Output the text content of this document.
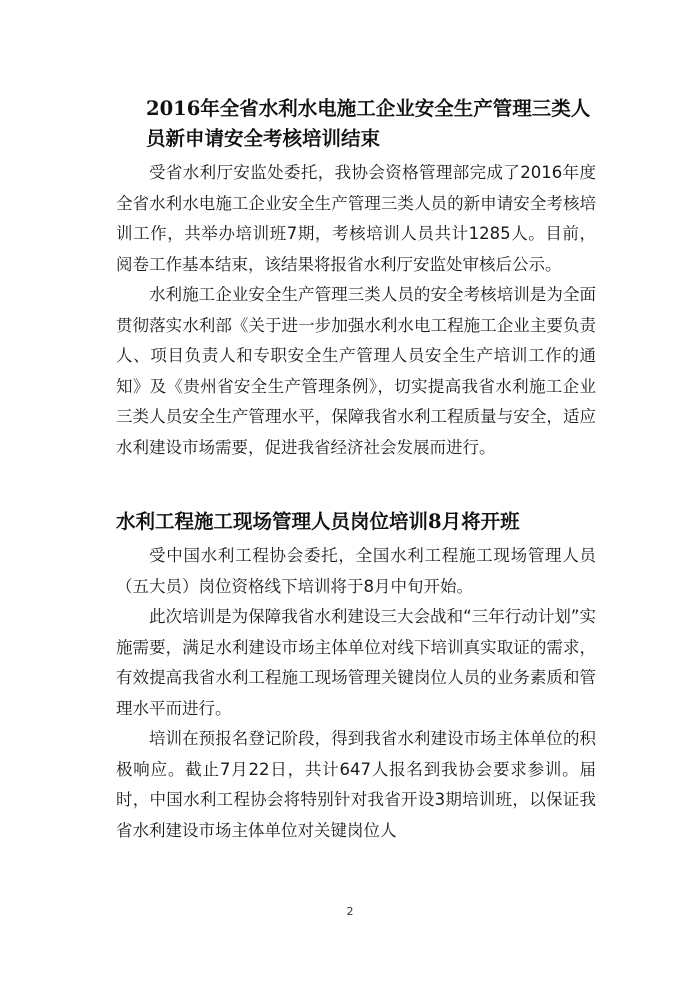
2016年全省水利水电施工企业安全生产管理三类人员新申请安全考核培训结束

受省水利厅安监处委托，我协会资格管理部完成了2016年度全省水利水电施工企业安全生产管理三类人员的新申请安全考核培训工作，共举办培训班7期，考核培训人员共计1285人。目前，阅卷工作基本结束，该结果将报省水利厅安监处审核后公示。

水利施工企业安全生产管理三类人员的安全考核培训是为全面贯彻落实水利部《关于进一步加强水利水电工程施工企业主要负责人、项目负责人和专职安全生产管理人员安全生产培训工作的通知》及《贵州省安全生产管理条例》，切实提高我省水利施工企业三类人员安全生产管理水平，保障我省水利工程质量与安全，适应水利建设市场需要，促进我省经济社会发展而进行。

水利工程施工现场管理人员岗位培训8月将开班

受中国水利工程协会委托，全国水利工程施工现场管理人员（五大员）岗位资格线下培训将于8月中旬开始。

此次培训是为保障我省水利建设三大会战和“三年行动计划”实施需要，满足水利建设市场主体单位对线下培训真实取证的需求，有效提高我省水利工程施工现场管理关键岗位人员的业务素质和管理水平而进行。

培训在预报名登记阶段，得到我省水利建设市场主体单位的积极响应。截止7月22日，共计647人报名到我协会要求参训。届时，中国水利工程协会将特别针对我省开设3期培训班，以保证我省水利建设市场主体单位对关键岗位人

2
